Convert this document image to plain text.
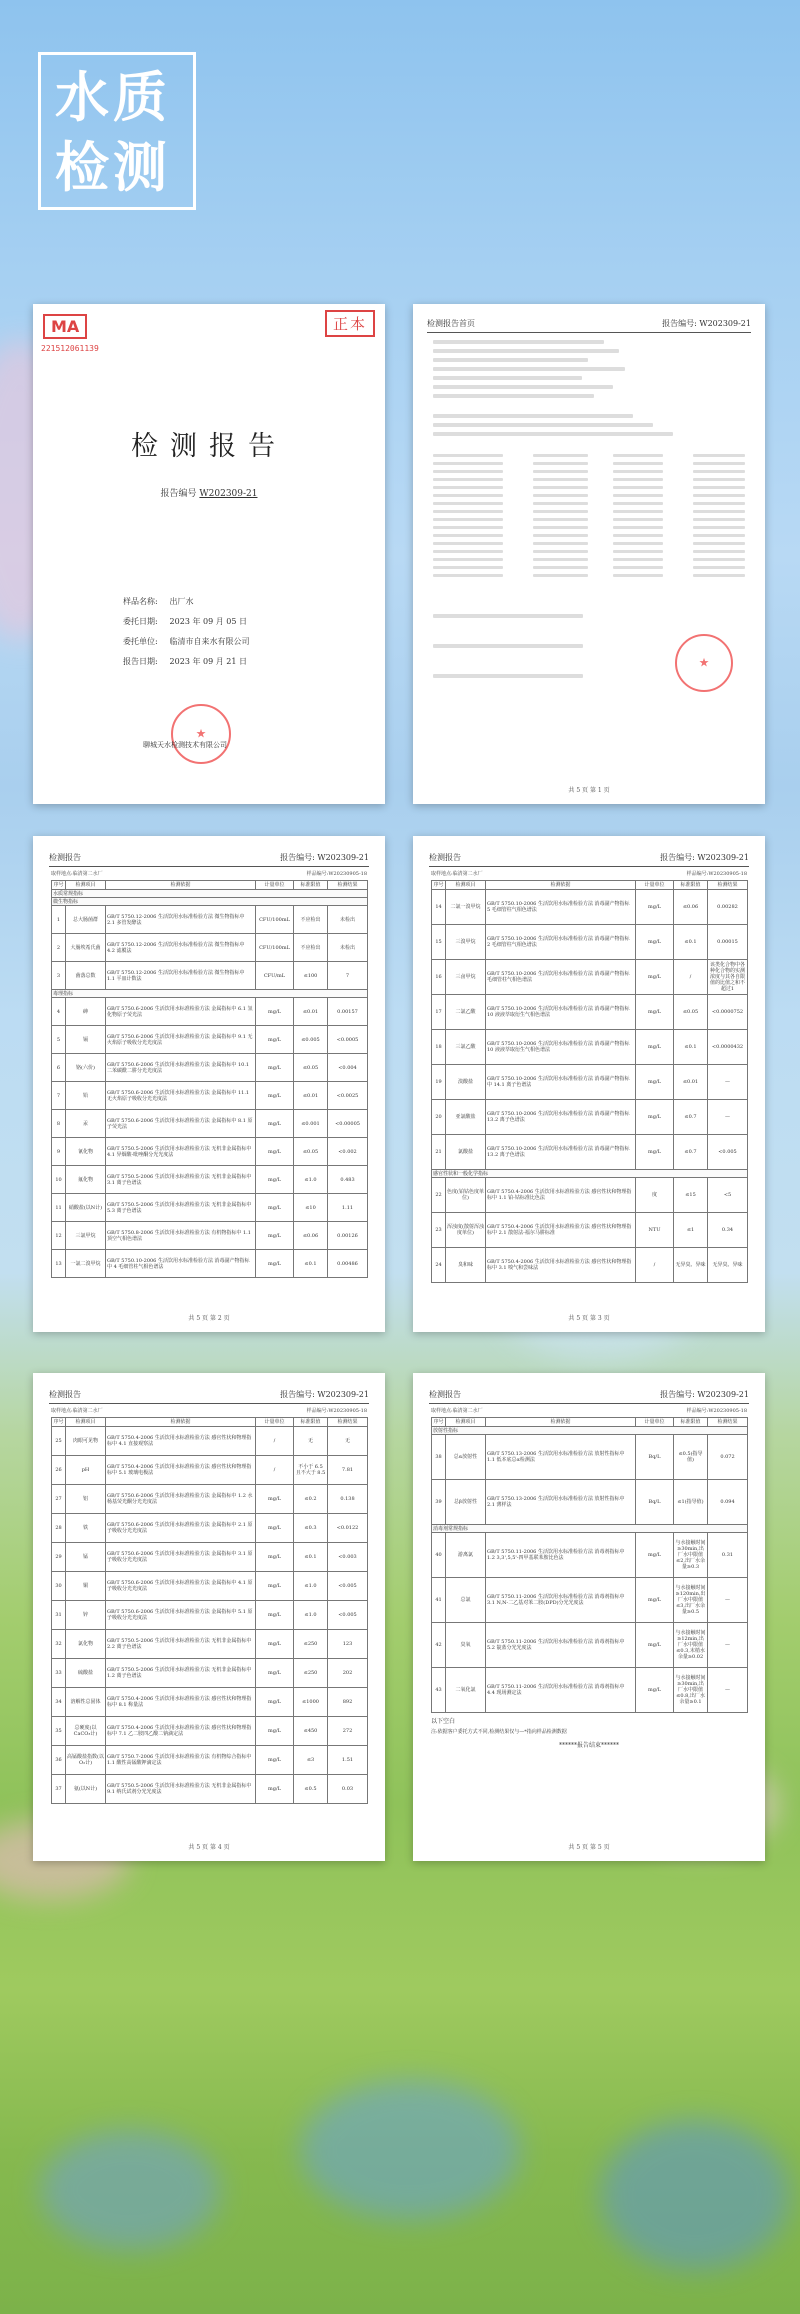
水质
检测
MA
221512061139
正本
检测报告
报告编号 W202309-21
样品名称: 出厂水
委托日期: 2023 年 09 月 05 日
委托单位: 临清市自来水有限公司
报告日期: 2023 年 09 月 21 日
★
聊城天水检测技术有限公司
检测报告首页	报告编号: W202309-21
★
共 5 页 第 1 页
检测报告	报告编号: W202309-21
取样地点:临清第二水厂	样品编号:W20230905-18
序号	检测项目	检测依据	计量单位	标准限值	检测结果
水质常规指标					
微生物指标					
1	总大肠菌群	GB/T 5750.12-2006 生活饮用水标准检验方法 微生物指标中 2.1 多管发酵法	CFU/100mL	不应检出	未检出
2	大肠埃希氏菌	GB/T 5750.12-2006 生活饮用水标准检验方法 微生物指标中 4.2 滤膜法	CFU/100mL	不应检出	未检出
3	菌落总数	GB/T 5750.12-2006 生活饮用水标准检验方法 微生物指标中 1.1 平皿计数法	CFU/mL	≤100	7
毒理指标					
4	砷	GB/T 5750.6-2006 生活饮用水标准检验方法 金属指标中 6.1 氢化物原子荧光法	mg/L	≤0.01	0.00157
5	镉	GB/T 5750.6-2006 生活饮用水标准检验方法 金属指标中 9.1 无火焰原子吸收分光光度法	mg/L	≤0.005	<0.0005
6	铬(六价)	GB/T 5750.6-2006 生活饮用水标准检验方法 金属指标中 10.1 二苯碳酰二肼分光光度法	mg/L	≤0.05	<0.004
7	铅	GB/T 5750.6-2006 生活饮用水标准检验方法 金属指标中 11.1 无火焰原子吸收分光光度法	mg/L	≤0.01	<0.0025
8	汞	GB/T 5750.6-2006 生活饮用水标准检验方法 金属指标中 8.1 原子荧光法	mg/L	≤0.001	<0.00005
9	氰化物	GB/T 5750.5-2006 生活饮用水标准检验方法 无机非金属指标中 4.1 异烟酸-吡唑酮分光光度法	mg/L	≤0.05	<0.002
10	氟化物	GB/T 5750.5-2006 生活饮用水标准检验方法 无机非金属指标中 3.1 离子色谱法	mg/L	≤1.0	0.483
11	硝酸盐(以N计)	GB/T 5750.5-2006 生活饮用水标准检验方法 无机非金属指标中 5.3 离子色谱法	mg/L	≤10	1.11
12	三氯甲烷	GB/T 5750.8-2006 生活饮用水标准检验方法 有机物指标中 1.1 顶空气相色谱法	mg/L	≤0.06	0.00126
13	一氯二溴甲烷	GB/T 5750.10-2006 生活饮用水标准检验方法 消毒副产物指标中 4 毛细管柱气相色谱法	mg/L	≤0.1	0.00486
共 5 页 第 2 页
检测报告	报告编号: W202309-21
取样地点:临清第二水厂	样品编号:W20230905-18
序号	检测项目	检测依据	计量单位	标准限值	检测结果
14	二氯一溴甲烷	GB/T 5750.10-2006 生活饮用水标准检验方法 消毒副产物指标 5 毛细管柱气相色谱法	mg/L	≤0.06	0.00282
15	三溴甲烷	GB/T 5750.10-2006 生活饮用水标准检验方法 消毒副产物指标 2 毛细管柱气相色谱法	mg/L	≤0.1	0.00015
16	三卤甲烷	GB/T 5750.10-2006 生活饮用水标准检验方法 消毒副产物指标 毛细管柱气相色谱法	mg/L	/	该类化合物中各种化合物的实测浓度与其各自限值的比值之和不超过1
17	二氯乙酸	GB/T 5750.10-2006 生活饮用水标准检验方法 消毒副产物指标 10 液液萃取衍生气相色谱法	mg/L	≤0.05	<0.0000752
18	三氯乙酸	GB/T 5750.10-2006 生活饮用水标准检验方法 消毒副产物指标 10 液液萃取衍生气相色谱法	mg/L	≤0.1	<0.0000432
19	溴酸盐	GB/T 5750.10-2006 生活饮用水标准检验方法 消毒副产物指标中 14.1 离子色谱法	mg/L	≤0.01	—
20	亚氯酸盐	GB/T 5750.10-2006 生活饮用水标准检验方法 消毒副产物指标 13.2 离子色谱法	mg/L	≤0.7	—
21	氯酸盐	GB/T 5750.10-2006 生活饮用水标准检验方法 消毒副产物指标 13.2 离子色谱法	mg/L	≤0.7	<0.005
感官性状和一般化学指标					
22	色度(铂钴色度单位)	GB/T 5750.4-2006 生活饮用水标准检验方法 感官性状和物理指标中 1.1 铂-钴标准比色法	度	≤15	<5
23	浑浊度(散射浑浊度单位)	GB/T 5750.4-2006 生活饮用水标准检验方法 感官性状和物理指标中 2.1 散射法-福尔马肼标准	NTU	≤1	0.34
24	臭和味	GB/T 5750.4-2006 生活饮用水标准检验方法 感官性状和物理指标中 3.1 嗅气和尝味法	/	无异臭、异味	无异臭、异味
共 5 页 第 3 页
检测报告	报告编号: W202309-21
取样地点:临清第二水厂	样品编号:W20230905-18
序号	检测项目	检测依据	计量单位	标准限值	检测结果
25	肉眼可见物	GB/T 5750.4-2006 生活饮用水标准检验方法 感官性状和物理指标中 4.1 直接观察法	/	无	无
26	pH	GB/T 5750.4-2006 生活饮用水标准检验方法 感官性状和物理指标中 5.1 玻璃电极法	/	不小于 6.5 且不大于 8.5	7.81
27	铝	GB/T 5750.6-2006 生活饮用水标准检验方法 金属指标中 1.2 水杨基荧光酮分光光度法	mg/L	≤0.2	0.138
28	铁	GB/T 5750.6-2006 生活饮用水标准检验方法 金属指标中 2.1 原子吸收分光光度法	mg/L	≤0.3	<0.0122
29	锰	GB/T 5750.6-2006 生活饮用水标准检验方法 金属指标中 3.1 原子吸收分光光度法	mg/L	≤0.1	<0.003
30	铜	GB/T 5750.6-2006 生活饮用水标准检验方法 金属指标中 4.1 原子吸收分光光度法	mg/L	≤1.0	<0.005
31	锌	GB/T 5750.6-2006 生活饮用水标准检验方法 金属指标中 5.1 原子吸收分光光度法	mg/L	≤1.0	<0.005
32	氯化物	GB/T 5750.5-2006 生活饮用水标准检验方法 无机非金属指标中 2.2 离子色谱法	mg/L	≤250	123
33	硫酸盐	GB/T 5750.5-2006 生活饮用水标准检验方法 无机非金属指标中 1.2 离子色谱法	mg/L	≤250	202
34	溶解性总固体	GB/T 5750.4-2006 生活饮用水标准检验方法 感官性状和物理指标中 8.1 称量法	mg/L	≤1000	892
35	总硬度(以CaCO₃计)	GB/T 5750.4-2006 生活饮用水标准检验方法 感官性状和物理指标中 7.1 乙二胺四乙酸二钠滴定法	mg/L	≤450	272
36	高锰酸盐指数(以O₂计)	GB/T 5750.7-2006 生活饮用水标准检验方法 有机物综合指标中 1.1 酸性高锰酸钾滴定法	mg/L	≤3	1.51
37	氨(以N计)	GB/T 5750.5-2006 生活饮用水标准检验方法 无机非金属指标中 9.1 纳氏试剂分光光度法	mg/L	≤0.5	0.03
共 5 页 第 4 页
检测报告	报告编号: W202309-21
取样地点:临清第二水厂	样品编号:W20230905-18
序号	检测项目	检测依据	计量单位	标准限值	检测结果
放射性指标					
38	总α放射性	GB/T 5750.13-2006 生活饮用水标准检验方法 放射性指标中 1.1 低本底总α检测法	Bq/L	≤0.5(指导值)	0.072
39	总β放射性	GB/T 5750.13-2006 生活饮用水标准检验方法 放射性指标中 2.1 薄样法	Bq/L	≤1(指导值)	0.094
消毒剂常规指标					
40	游离氯	GB/T 5750.11-2006 生活饮用水标准检验方法 消毒剂指标中 1.2 3,3',5,5'-四甲基联苯胺比色法	mg/L	与水接触时间≥30min,出厂水中限值≤2,出厂水余量≥0.3	0.31
41	总氯	GB/T 5750.11-2006 生活饮用水标准检验方法 消毒剂指标中 3.1 N,N-二乙基对苯二胺(DPD)分光光度法	mg/L	与水接触时间≥120min,出厂水中限值≤3,出厂水余量≥0.5	—
42	臭氧	GB/T 5750.11-2006 生活饮用水标准检验方法 消毒剂指标中 5.2 靛蓝分光光度法	mg/L	与水接触时间≥12min,出厂水中限值≤0.3,末梢水余量≥0.02	—
43	二氧化氯	GB/T 5750.11-2006 生活饮用水标准检验方法 消毒剂指标中 4.4 现场测定法	mg/L	与水接触时间≥30min,出厂水中限值≤0.8,出厂水余量≥0.1	—
以下空白
注:依据客户委托方式不同,检测结果仅与—*指向样品检测数据
******报告结束******
共 5 页 第 5 页
